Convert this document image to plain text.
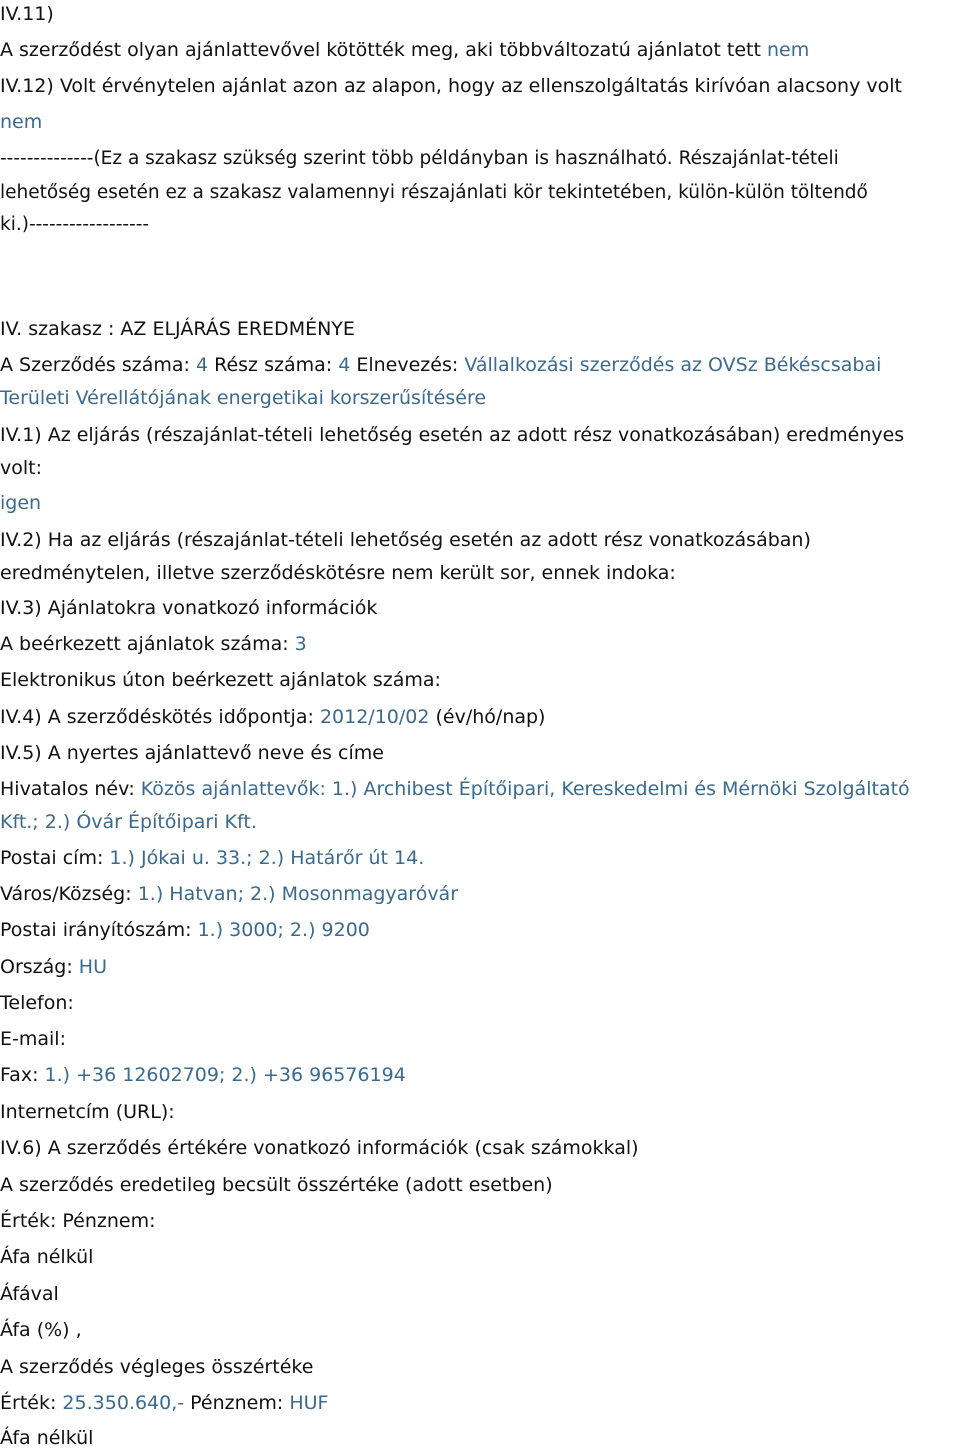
IV.11)

A szerződést olyan ajánlattevővel kötötték meg, aki többváltozatú ajánlatot tett nem

IV.12) Volt érvénytelen ajánlat azon az alapon, hogy az ellenszolgáltatás kirívóan alacsony volt

nem

--------------(Ez a szakasz szükség szerint több példányban is használható. Részajánlat-tételi

lehetőség esetén ez a szakasz valamennyi részajánlati kör tekintetében, külön-külön töltendő

ki.)------------------

IV. szakasz : AZ ELJÁRÁS EREDMÉNYE

A Szerződés száma: 4 Rész száma: 4 Elnevezés: Vállalkozási szerződés az OVSz Békéscsabai

Területi Vérellátójának energetikai korszerűsítésére

IV.1) Az eljárás (részajánlat-tételi lehetőség esetén az adott rész vonatkozásában) eredményes

volt:

igen

IV.2) Ha az eljárás (részajánlat-tételi lehetőség esetén az adott rész vonatkozásában)

eredménytelen, illetve szerződéskötésre nem került sor, ennek indoka:

IV.3) Ajánlatokra vonatkozó információk

A beérkezett ajánlatok száma: 3

Elektronikus úton beérkezett ajánlatok száma:

IV.4) A szerződéskötés időpontja: 2012/10/02 (év/hó/nap)

IV.5) A nyertes ajánlattevő neve és címe

Hivatalos név: Közös ajánlattevők: 1.) Archibest Építőipari, Kereskedelmi és Mérnöki Szolgáltató

Kft.; 2.) Óvár Építőipari Kft.

Postai cím: 1.) Jókai u. 33.; 2.) Határőr út 14.

Város/Község: 1.) Hatvan; 2.) Mosonmagyaróvár

Postai irányítószám: 1.) 3000; 2.) 9200

Ország: HU

Telefon:

E-mail:

Fax: 1.) +36 12602709; 2.) +36 96576194

Internetcím (URL):

IV.6) A szerződés értékére vonatkozó információk (csak számokkal)

A szerződés eredetileg becsült összértéke (adott esetben)

Érték: Pénznem:

Áfa nélkül

Áfával

Áfa (%) ,

A szerződés végleges összértéke

Érték: 25.350.640,- Pénznem: HUF

Áfa nélkül
